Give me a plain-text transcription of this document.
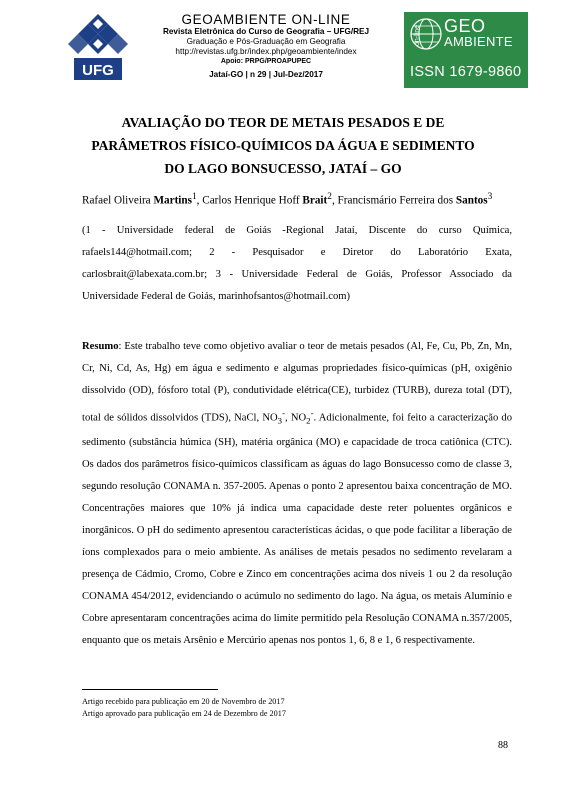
UFG
GEOAMBIENTE ON-LINE
Revista Eletrônica do Curso de Geografia – UFG/REJ
Graduação e Pós-Graduação em Geografia
http://revistas.ufg.br/index.php/geoambiente/index
Apoio: PRPG/PROAPUPEC
Jataí-GO | n 29 | Jul-Dez/2017
GEO
AMBIENTE
on-line
ISSN 1679-9860
AVALIAÇÃO DO TEOR DE METAIS PESADOS E DE PARÂMETROS FÍSICO-QUÍMICOS DA ÁGUA E SEDIMENTO DO LAGO BONSUCESSO, JATAÍ – GO
Rafael Oliveira Martins$^1$, Carlos Henrique Hoff Brait$^2$, Francismário Ferreira dos Santos$^3$
(1 - Universidade federal de Goiás -Regional Jataí, Discente do curso Química, rafaels144@hotmail.com; 2 - Pesquisador e Diretor do Laboratório Exata, carlosbrait@labexata.com.br; 3 - Universidade Federal de Goiás, Professor Associado da Universidade Federal de Goiás, marinhofsantos@hotmail.com)
Resumo: Este trabalho teve como objetivo avaliar o teor de metais pesados (Al, Fe, Cu, Pb, Zn, Mn, Cr, Ni, Cd, As, Hg) em água e sedimento e algumas propriedades físico-químicas (pH, oxigênio dissolvido (OD), fósforo total (P), condutividade elétrica(CE), turbidez (TURB), dureza total (DT), total de sólidos dissolvidos (TDS), NaCl, $NO_3^-$, $NO_2^-$. Adicionalmente, foi feito a caracterização do sedimento (substância húmica (SH), matéria orgânica (MO) e capacidade de troca catiônica (CTC). Os dados dos parâmetros físico-químicos classificam as águas do lago Bonsucesso como de classe 3, segundo resolução CONAMA n. 357-2005. Apenas o ponto 2 apresentou baixa concentração de MO. Concentrações maiores que 10% já indica uma capacidade deste reter poluentes orgânicos e inorgânicos. O pH do sedimento apresentou características ácidas, o que pode facilitar a liberação de íons complexados para o meio ambiente. As análises de metais pesados no sedimento revelaram a presença de Cádmio, Cromo, Cobre e Zinco em concentrações acima dos níveis 1 ou 2 da resolução CONAMA 454/2012, evidenciando o acúmulo no sedimento do lago. Na água, os metais Alumínio e Cobre apresentaram concentrações acima do limite permitido pela Resolução CONAMA n.357/2005, enquanto que os metais Arsênio e Mercúrio apenas nos pontos 1, 6, 8 e 1, 6 respectivamente.
Artigo recebido para publicação em 20 de Novembro de 2017
Artigo aprovado para publicação em 24 de Dezembro de 2017
88
